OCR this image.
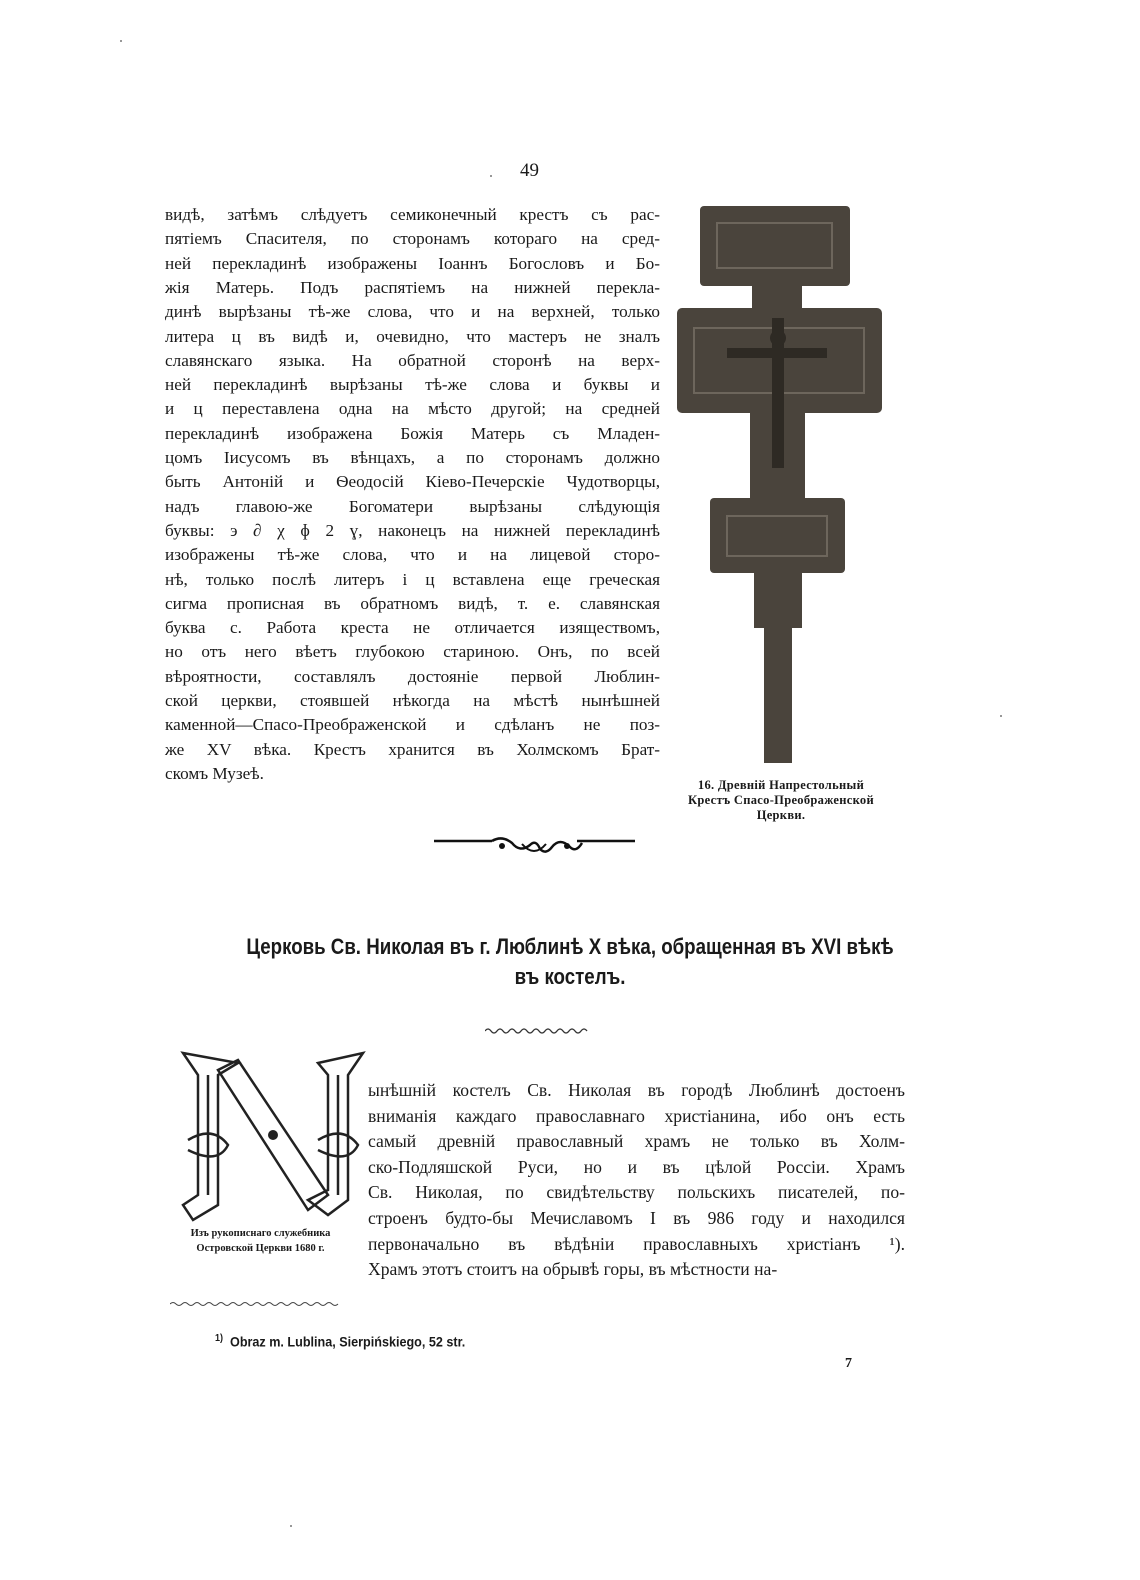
49
видѣ, затѣмъ слѣдуетъ семиконечный крестъ съ рас-
пятіемъ Спасителя, по сторонамъ котораго на сред-
ней перекладинѣ изображены Іоаннъ Богословъ и Бо-
жія Матерь. Подъ распятіемъ на нижней перекла-
динѣ вырѣзаны тѣ-же слова, что и на верхней, только
литера ц въ видѣ и, очевидно, что мастеръ не зналъ
славянскаго языка. На обратной сторонѣ на верх-
ней перекладинѣ вырѣзаны тѣ-же слова и буквы и
и ц переставлена одна на мѣсто другой; на средней
перекладинѣ изображена Божія Матерь съ Младен-
цомъ Іисусомъ въ вѣнцахъ, а по сторонамъ должно
быть Антоній и Ѳеодосій Кіево-Печерскіе Чудотворцы,
надъ главою-же Богоматери вырѣзаны слѣдующія
буквы: э ∂ χ ɸ 2 ɣ, наконецъ на нижней перекладинѣ
изображены тѣ-же слова, что и на лицевой сторо-
нѣ, только послѣ литеръ і ц вставлена еще греческая
сигма прописная въ обратномъ видѣ, т. е. славянская
буква с. Работа креста не отличается изяществомъ,
но отъ него вѣетъ глубокою стариною. Онъ, по всей
вѣроятности, составлялъ достояніе первой Люблин-
ской церкви, стоявшей нѣкогда на мѣстѣ нынѣшней
каменной—Спасо-Преображенской и сдѣланъ не поз-
же XV вѣка. Крестъ хранится въ Холмскомъ Брат-
скомъ Музеѣ.
16. Древній Напрестольный
Крестъ Спасо-Преображенской
Церкви.
Церковь Св. Николая въ г. Люблинѣ X вѣка, обращенная въ XVI вѣкѣ
въ костелъ.
Изъ рукописнаго служебника
Островской Церкви 1680 г.
ынѣшній костелъ Св. Николая въ городѣ Люблинѣ достоенъ
вниманія каждаго православнаго христіанина, ибо онъ есть
самый древній православный храмъ не только въ Холм-
ско-Подляшской Руси, но и въ цѣлой Россіи. Храмъ
Св. Николая, по свидѣтельству польскихъ писателей, по-
строенъ будто-бы Мечиславомъ I въ 986 году и находился
первоначально въ вѣдѣніи православныхъ христіанъ ¹).
Храмъ этотъ стоитъ на обрывѣ горы, въ мѣстности на-
$^{1)}$ Obraz m. Lublina, Sierpińskiego, 52 str.
7
